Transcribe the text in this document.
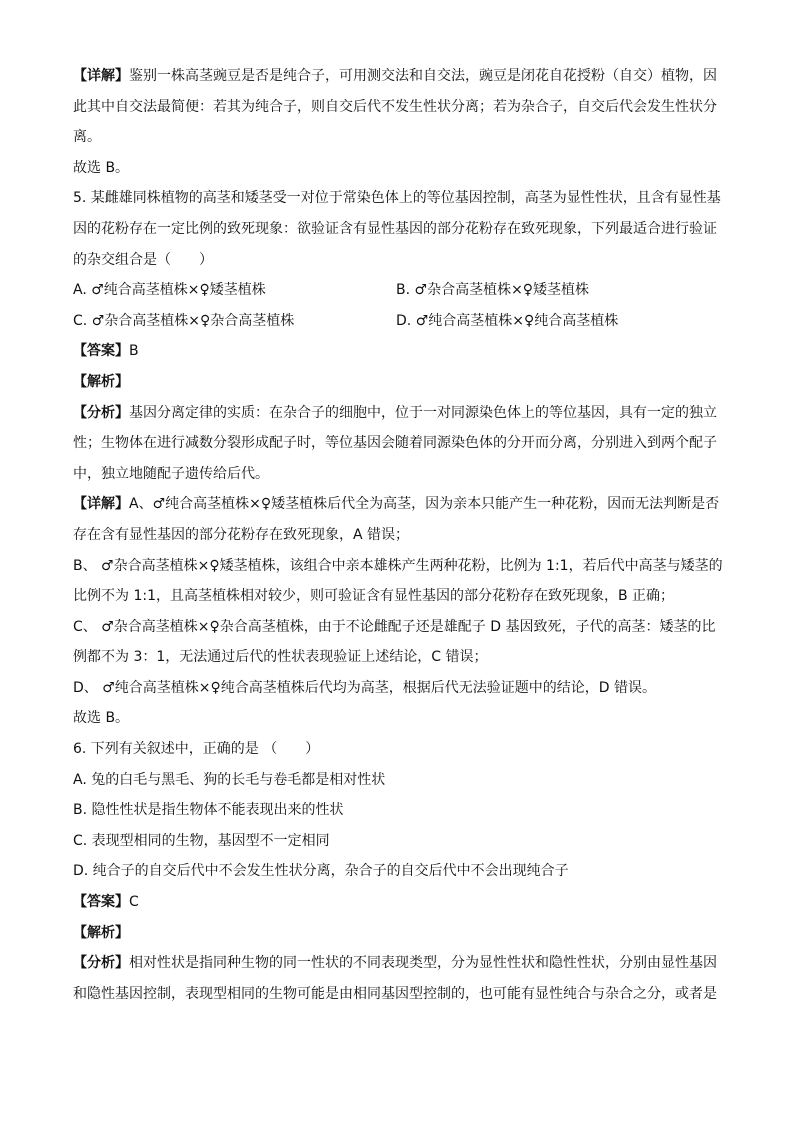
【详解】鉴别一株高茎豌豆是否是纯合子，可用测交法和自交法，豌豆是闭花自花授粉（自交）植物，因

此其中自交法最简便：若其为纯合子，则自交后代不发生性状分离；若为杂合子，自交后代会发生性状分

离。

故选 B。

5. 某雌雄同株植物的高茎和矮茎受一对位于常染色体上的等位基因控制，高茎为显性性状，且含有显性基

因的花粉存在一定比例的致死现象：欲验证含有显性基因的部分花粉存在致死现象，下列最适合进行验证

的杂交组合是（　　）

A. ♂纯合高茎植株×♀矮茎植株	B. ♂杂合高茎植株×♀矮茎植株
C. ♂杂合高茎植株×♀杂合高茎植株	D. ♂纯合高茎植株×♀纯合高茎植株

【答案】B

【解析】

【分析】基因分离定律的实质：在杂合子的细胞中，位于一对同源染色体上的等位基因，具有一定的独立

性；生物体在进行减数分裂形成配子时，等位基因会随着同源染色体的分开而分离，分别进入到两个配子

中，独立地随配子遗传给后代。

【详解】A、♂纯合高茎植株×♀矮茎植株后代全为高茎，因为亲本只能产生一种花粉，因而无法判断是否

存在含有显性基因的部分花粉存在致死现象，A 错误；

B、 ♂杂合高茎植株×♀矮茎植株，该组合中亲本雄株产生两种花粉，比例为 1:1，若后代中高茎与矮茎的

比例不为 1:1，且高茎植株相对较少，则可验证含有显性基因的部分花粉存在致死现象，B 正确；

C、 ♂杂合高茎植株×♀杂合高茎植株，由于不论雌配子还是雄配子 D 基因致死，子代的高茎：矮茎的比

例都不为 3：1，无法通过后代的性状表现验证上述结论，C 错误；

D、 ♂纯合高茎植株×♀纯合高茎植株后代均为高茎，根据后代无法验证题中的结论，D 错误。

故选 B。

6. 下列有关叙述中，正确的是 （　　）

A. 兔的白毛与黑毛、狗的长毛与卷毛都是相对性状

B. 隐性性状是指生物体不能表现出来的性状

C. 表现型相同的生物，基因型不一定相同

D. 纯合子的自交后代中不会发生性状分离，杂合子的自交后代中不会出现纯合子

【答案】C

【解析】

【分析】相对性状是指同种生物的同一性状的不同表现类型，分为显性性状和隐性性状，分别由显性基因

和隐性基因控制，表现型相同的生物可能是由相同基因型控制的，也可能有显性纯合与杂合之分，或者是
